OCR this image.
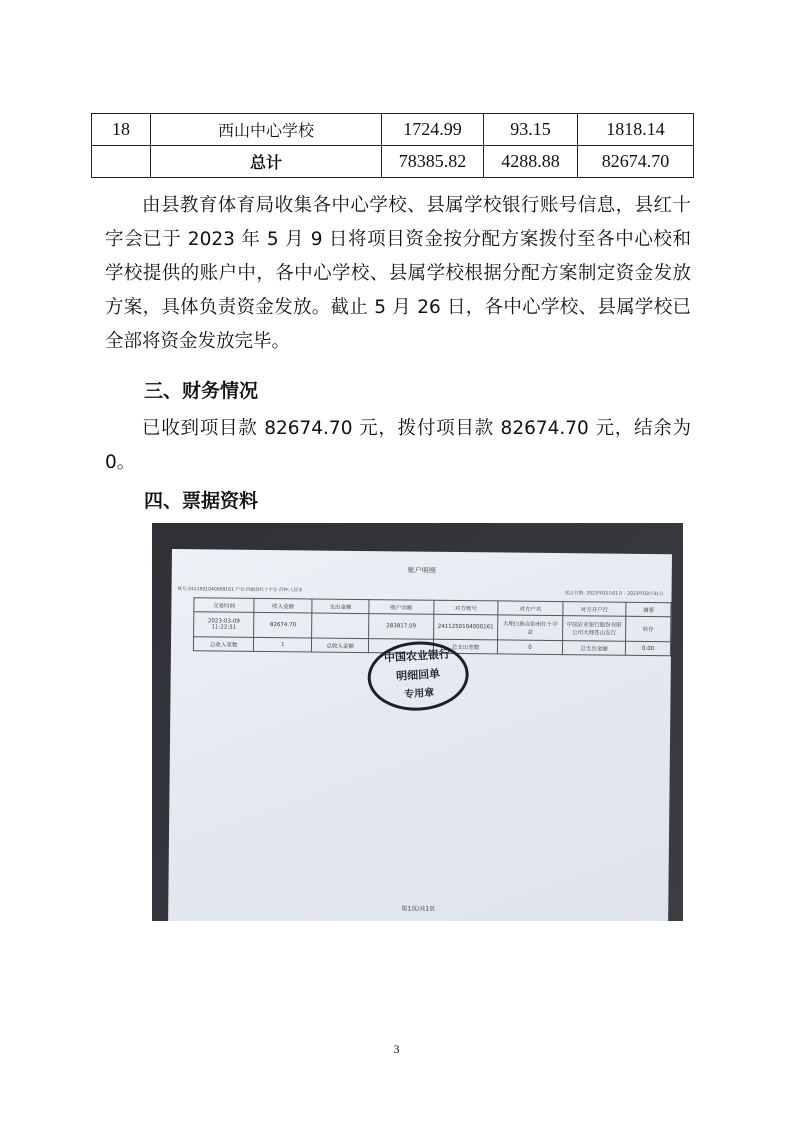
18	西山中心学校	1724.99	93.15	1818.14
	总计	78385.82	4288.88	82674.70
由县教育体育局收集各中心学校、县属学校银行账号信息，县红十字会已于 2023 年 5 月 9 日将项目资金按分配方案拨付至各中心校和学校提供的账户中，各中心学校、县属学校根据分配方案制定资金发放方案，具体负责资金发放。截止 5 月 26 日，各中心学校、县属学校已全部将资金发放完毕。
三、财务情况
已收到项目款 82674.70 元，拨付项目款 82674.70 元，结余为 0。
四、票据资料
账户明细
账号:2411501040009161 户名:洱源县红十字会 币种:人民币
起止日期: 2023年03月01日 - 2023年03月31日
交易时间	收入金额	支出金额	账户余额	对方账号	对方户名	对方开户行	摘要
2023-03-09 11:22:51	82674.70		283817.09	2411250104000161	大理白族自治州红十字会	中国农业银行股份有限公司大理苍山支行	转存
总收入笔数	1	总收入金额		总支出笔数	0	总支出金额	0.00
中国农业银行
明细回单
专用章
第1页/共1页
3
